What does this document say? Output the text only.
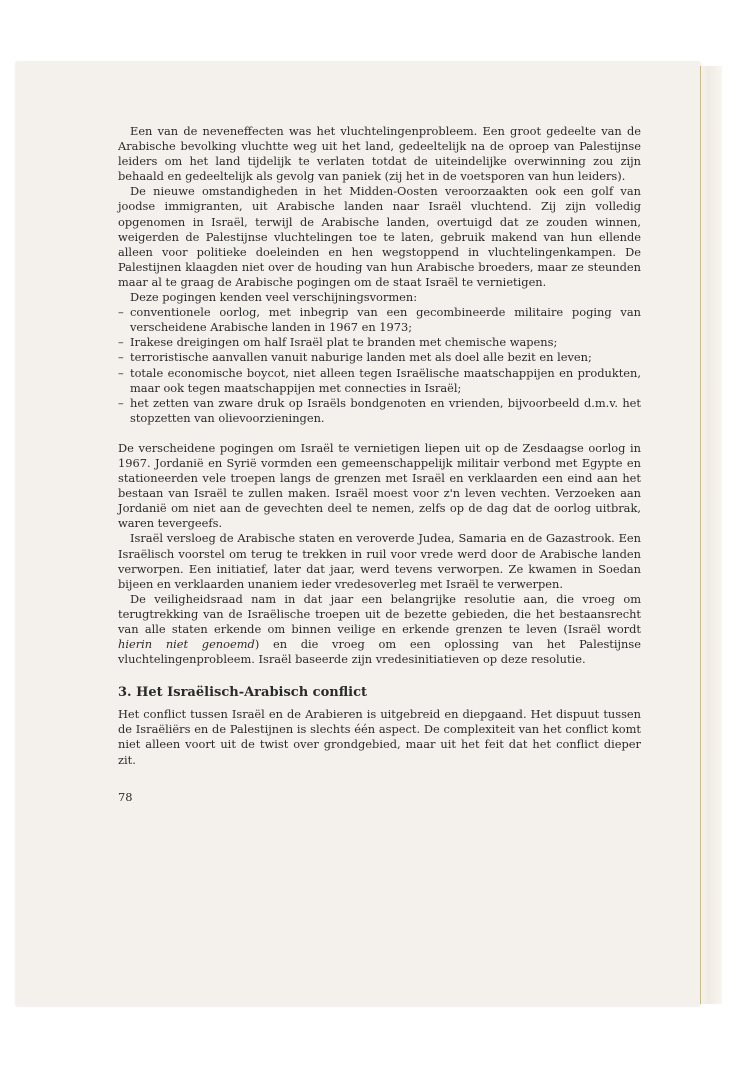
Een van de neveneffecten was het vluchtelingenprobleem. Een groot gedeelte van de Arabische bevolking vluchtte weg uit het land, gedeeltelijk na de oproep van Palestijnse leiders om het land tijdelijk te verlaten totdat de uiteindelijke overwinning zou zijn behaald en gedeeltelijk als gevolg van paniek (zij het in de voetsporen van hun leiders).

De nieuwe omstandigheden in het Midden-Oosten veroorzaakten ook een golf van joodse immigranten, uit Arabische landen naar Israël vluchtend. Zij zijn volledig opgenomen in Israël, terwijl de Arabische landen, overtuigd dat ze zouden winnen, weigerden de Palestijnse vluchtelingen toe te laten, gebruik makend van hun ellende alleen voor politieke doeleinden en hen wegstoppend in vluchtelingenkampen. De Palestijnen klaagden niet over de houding van hun Arabische broeders, maar ze steunden maar al te graag de Arabische pogingen om de staat Israël te vernietigen.

Deze pogingen kenden veel verschijningsvormen:

– conventionele oorlog, met inbegrip van een gecombineerde militaire poging van verscheidene Arabische landen in 1967 en 1973;
– Irakese dreigingen om half Israël plat te branden met chemische wapens;
– terroristische aanvallen vanuit naburige landen met als doel alle bezit en leven;
– totale economische boycot, niet alleen tegen Israëlische maatschappijen en produkten, maar ook tegen maatschappijen met connecties in Israël;
– het zetten van zware druk op Israëls bondgenoten en vrienden, bijvoorbeeld d.m.v. het stopzetten van olievoorzieningen.

De verscheidene pogingen om Israël te vernietigen liepen uit op de Zesdaagse oorlog in 1967. Jordanië en Syrië vormden een gemeenschappelijk militair verbond met Egypte en stationeerden vele troepen langs de grenzen met Israël en verklaarden een eind aan het bestaan van Israël te zullen maken. Israël moest voor z'n leven vechten. Verzoeken aan Jordanië om niet aan de gevechten deel te nemen, zelfs op de dag dat de oorlog uitbrak, waren tevergeefs.

Israël versloeg de Arabische staten en veroverde Judea, Samaria en de Gazastrook. Een Israëlisch voorstel om terug te trekken in ruil voor vrede werd door de Arabische landen verworpen. Een initiatief, later dat jaar, werd tevens verworpen. Ze kwamen in Soedan bijeen en verklaarden unaniem ieder vredesoverleg met Israël te verwerpen.

De veiligheidsraad nam in dat jaar een belangrijke resolutie aan, die vroeg om terugtrekking van de Israëlische troepen uit de bezette gebieden, die het bestaansrecht van alle staten erkende om binnen veilige en erkende grenzen te leven (Israël wordt hierin niet genoemd) en die vroeg om een oplossing van het Palestijnse vluchtelingenprobleem. Israël baseerde zijn vredesinitiatieven op deze resolutie.

3. Het Israëlisch-Arabisch conflict

Het conflict tussen Israël en de Arabieren is uitgebreid en diepgaand. Het dispuut tussen de Israëliërs en de Palestijnen is slechts één aspect. De complexiteit van het conflict komt niet alleen voort uit de twist over grondgebied, maar uit het feit dat het conflict dieper zit.

78
